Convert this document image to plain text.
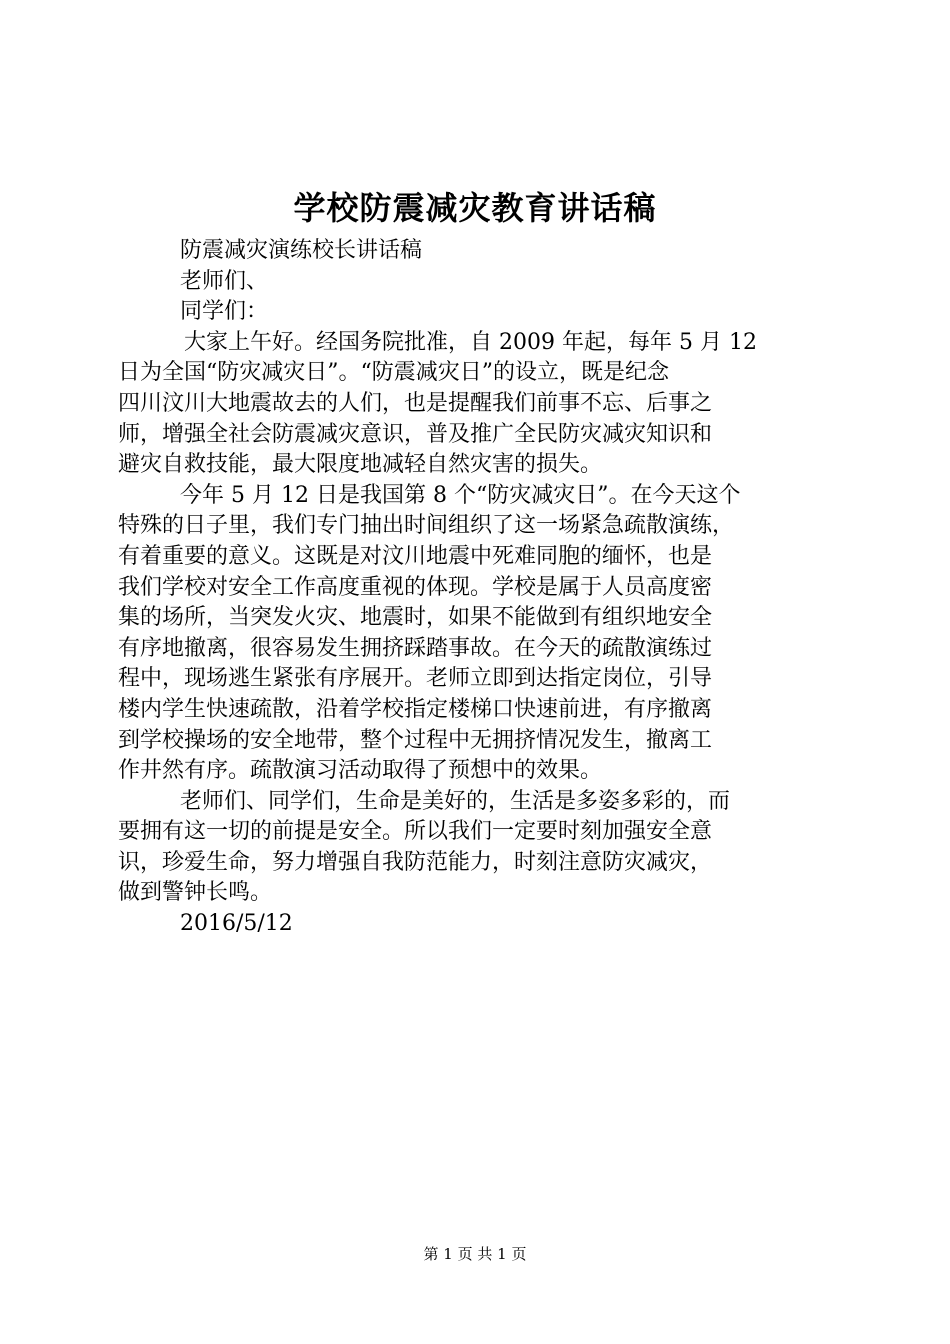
学校防震减灾教育讲话稿
防震减灾演练校长讲话稿
老师们、
同学们：
大家上午好。经国务院批准，自 2009 年起，每年 5 月 12
日为全国“防灾减灾日”。“防震减灾日”的设立，既是纪念
四川汶川大地震故去的人们，也是提醒我们前事不忘、后事之
师，增强全社会防震减灾意识，普及推广全民防灾减灾知识和
避灾自救技能，最大限度地减轻自然灾害的损失。
今年 5 月 12 日是我国第 8 个“防灾减灾日”。在今天这个
特殊的日子里，我们专门抽出时间组织了这一场紧急疏散演练，
有着重要的意义。这既是对汶川地震中死难同胞的缅怀，也是
我们学校对安全工作高度重视的体现。学校是属于人员高度密
集的场所，当突发火灾、地震时，如果不能做到有组织地安全
有序地撤离，很容易发生拥挤踩踏事故。在今天的疏散演练过
程中，现场逃生紧张有序展开。老师立即到达指定岗位，引导
楼内学生快速疏散，沿着学校指定楼梯口快速前进，有序撤离
到学校操场的安全地带，整个过程中无拥挤情况发生，撤离工
作井然有序。疏散演习活动取得了预想中的效果。
老师们、同学们，生命是美好的，生活是多姿多彩的，而
要拥有这一切的前提是安全。所以我们一定要时刻加强安全意
识，珍爱生命，努力增强自我防范能力，时刻注意防灾减灾，
做到警钟长鸣。
2016/5/12
第 1 页 共 1 页
